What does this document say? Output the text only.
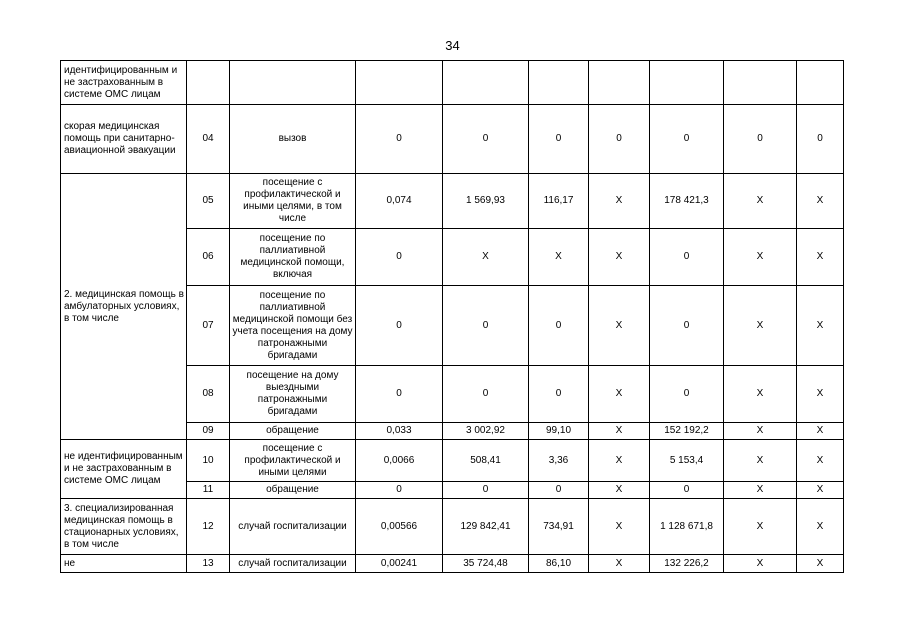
34
идентифицированным и не застрахованным в системе ОМС лицам									
скорая медицинская помощь при санитарно-авиационной эвакуации	04	вызов	0	0	0	0	0	0	0
2. медицинская помощь в амбулаторных условиях, в том числе	05	посещение с профилактической и иными целями, в том числе	0,074	1 569,93	116,17	Х	178 421,3	Х	Х
	06	посещение по паллиативной медицинской помощи, включая	0	Х	Х	Х	0	Х	Х
	07	посещение по паллиативной медицинской помощи без учета посещения на дому патронажными бригадами	0	0	0	Х	0	Х	Х
	08	посещение на дому выездными патронажными бригадами	0	0	0	Х	0	Х	Х
	09	обращение	0,033	3 002,92	99,10	Х	152 192,2	Х	Х
не идентифицированным и не застрахованным в системе ОМС лицам	10	посещение с профилактической и иными целями	0,0066	508,41	3,36	Х	5 153,4	Х	Х
	11	обращение	0	0	0	Х	0	Х	Х
3. специализированная медицинская помощь в стационарных условиях, в том числе	12	случай госпитализации	0,00566	129 842,41	734,91	Х	1 128 671,8	Х	Х
не	13	случай госпитализации	0,00241	35 724,48	86,10	Х	132 226,2	Х	Х
